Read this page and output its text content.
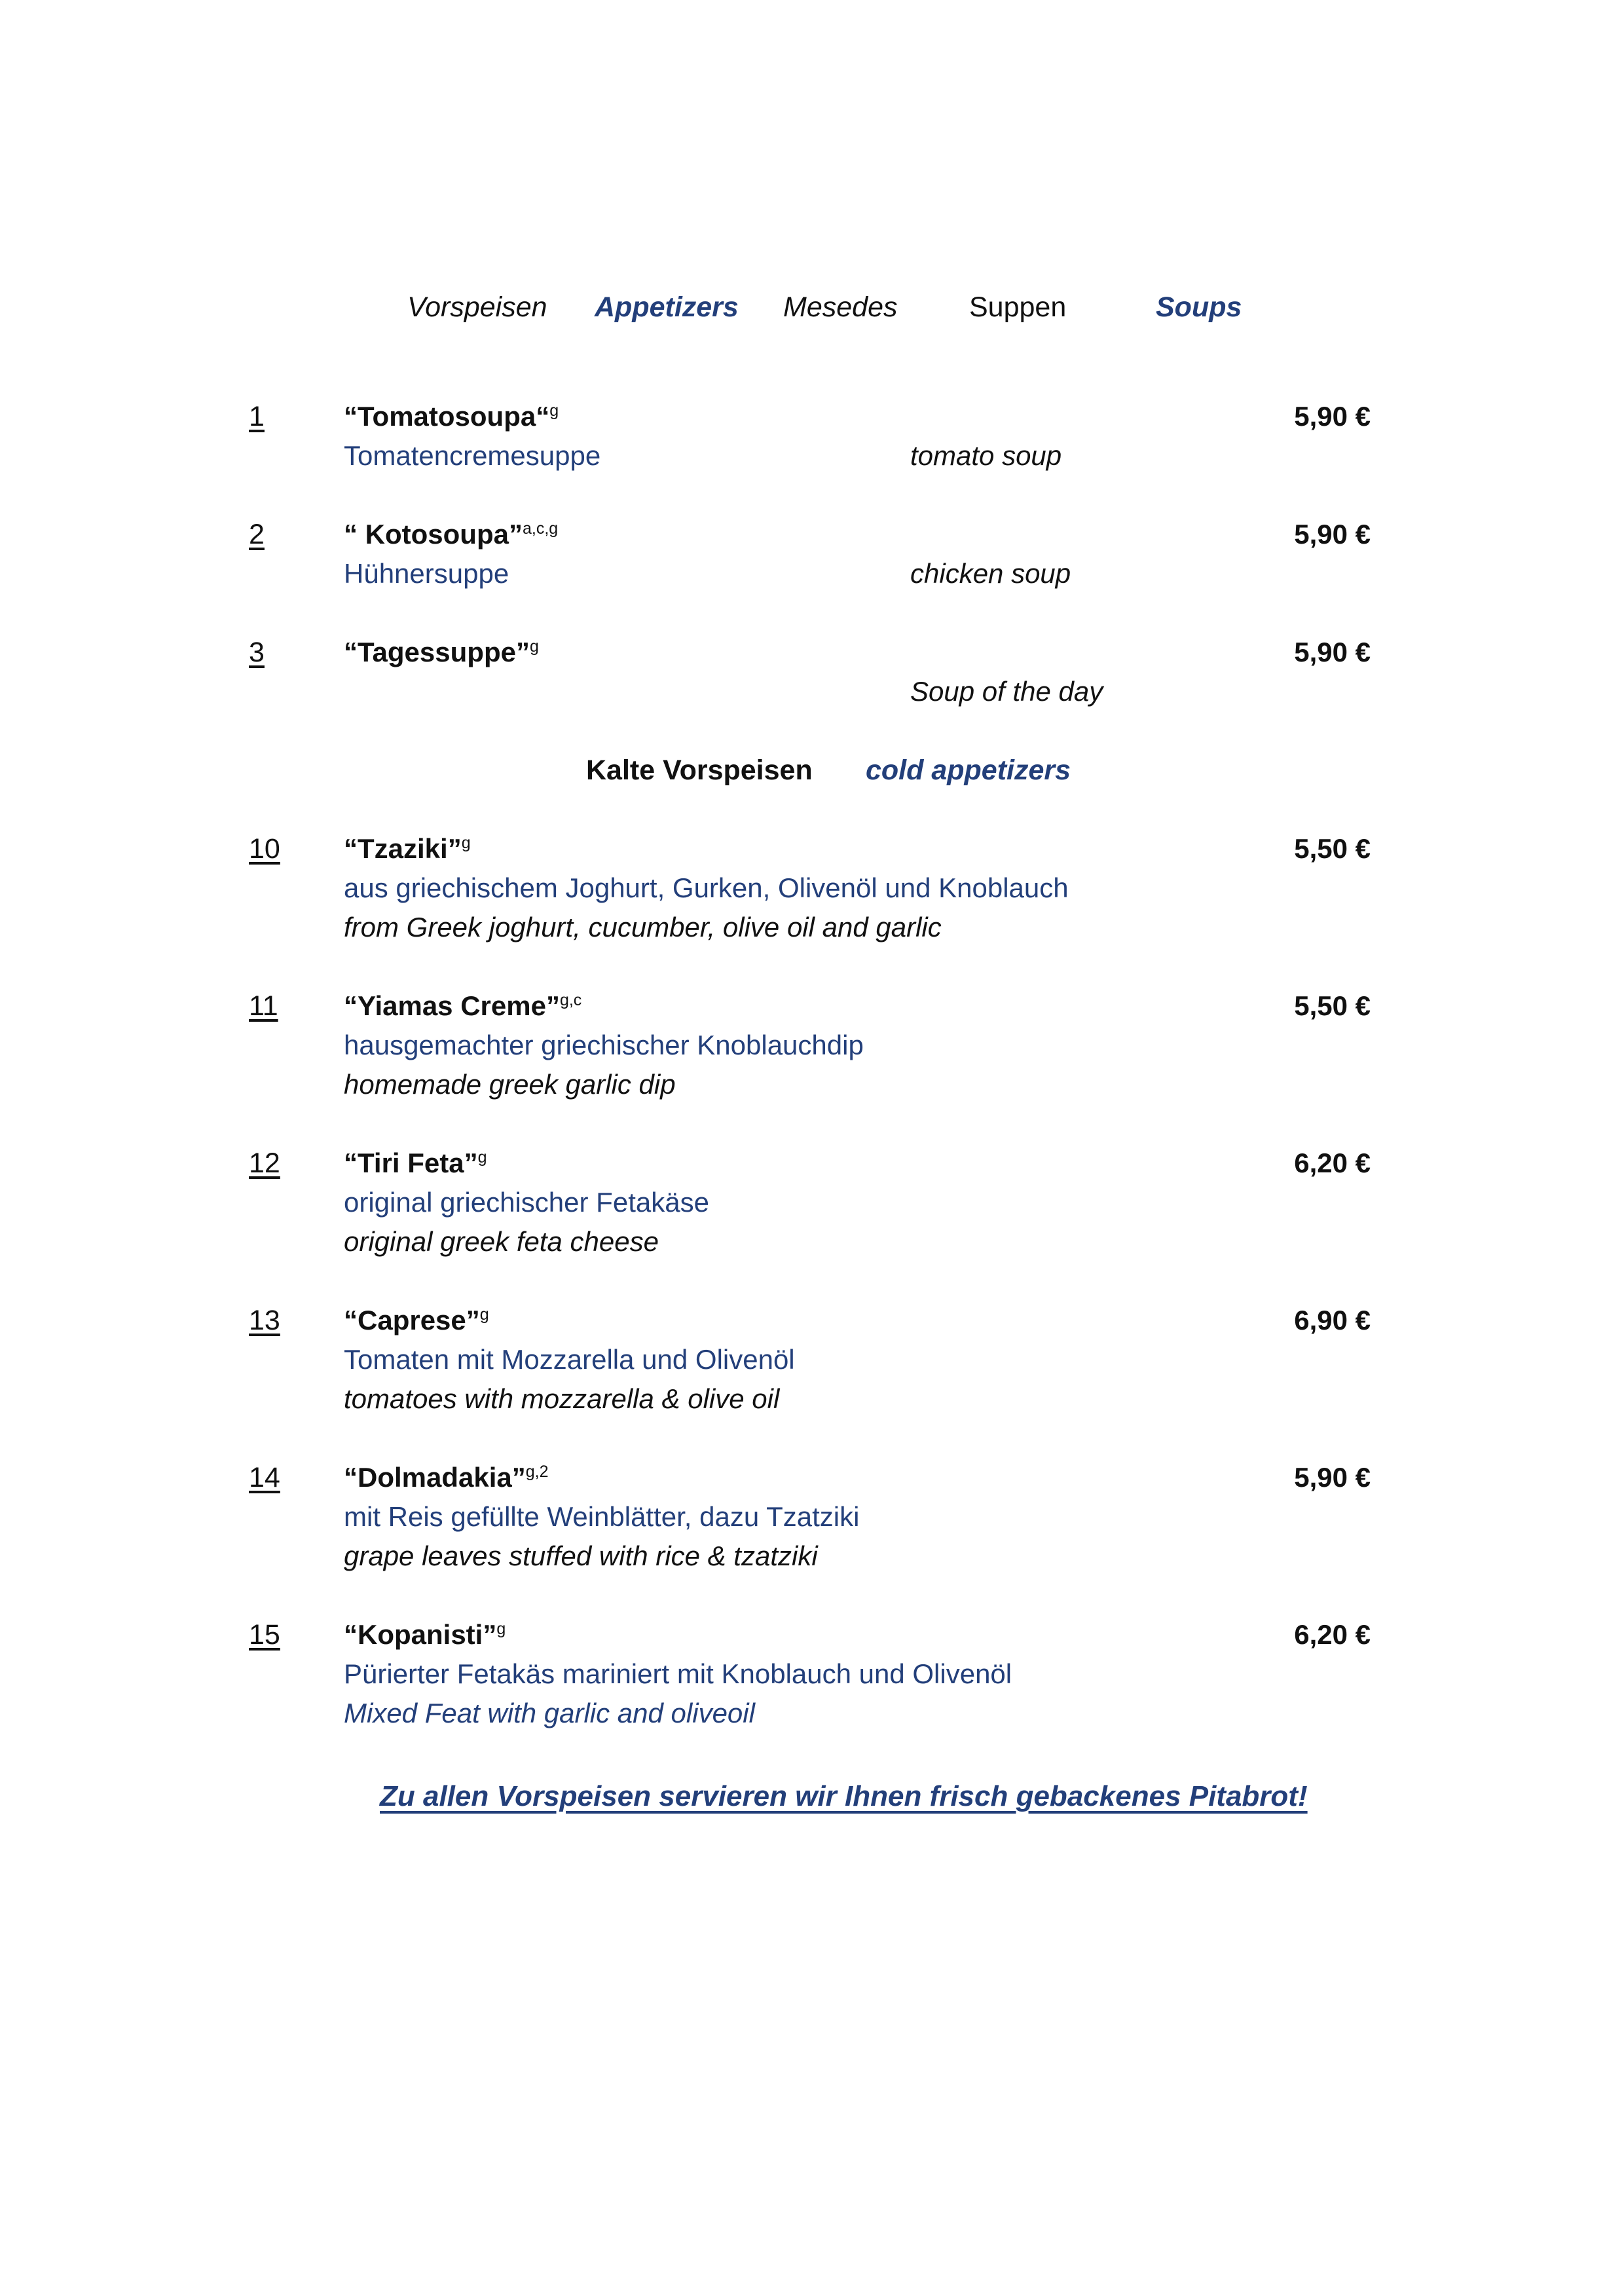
Vorspeisen Appetizers Mesedes	Suppen	Soups
1	“Tomatosoupa“$^g$	5,90 €
Tomatencremesuppe	tomato soup
2	“ Kotosoupa”$^{a,c,g}$	5,90 €
Hühnersuppe	chicken soup
3	“Tagessuppe”$^g$	5,90 €
Soup of the day
Kalte Vorspeisen cold appetizers
10 “Tzaziki”$^g$	5,50 €
aus griechischem Joghurt, Gurken, Olivenöl und Knoblauch
from Greek joghurt, cucumber, olive oil and garlic
11 “Yiamas Creme”$^{g,c}$	5,50 €
hausgemachter griechischer Knoblauchdip
homemade greek garlic dip
12 “Tiri Feta”$^g$	6,20 €
original griechischer Fetakäse
original greek feta cheese
13 “Caprese”$^g$	6,90 €
Tomaten mit Mozzarella und Olivenöl
tomatoes with mozzarella & olive oil
14 “Dolmadakia”$^{g,2}$	5,90 €
mit Reis gefüllte Weinblätter, dazu Tzatziki
grape leaves stuffed with rice & tzatziki
15 “Kopanisti”$^g$	6,20 €
Pürierter Fetakäs mariniert mit Knoblauch und Olivenöl
Mixed Feat with garlic and oliveoil
Zu allen Vorspeisen servieren wir Ihnen frisch gebackenes Pitabrot!
